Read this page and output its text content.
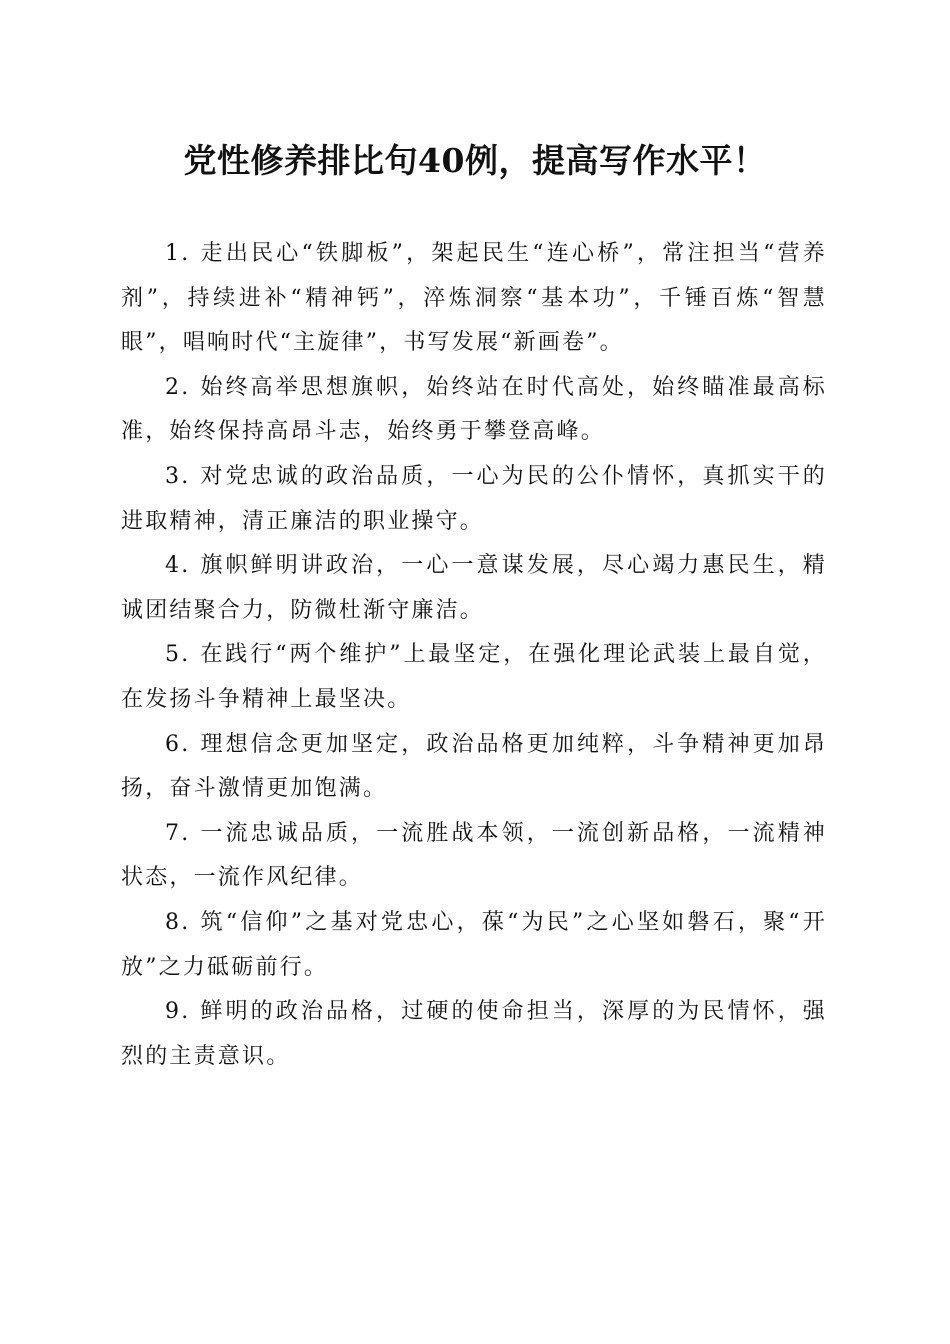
党性修养排比句40例，提高写作水平！

1. 走出民心“铁脚板”，架起民生“连心桥”，常注担当“营养剂”，持续进补“精神钙”，淬炼洞察“基本功”，千锤百炼“智慧眼”，唱响时代“主旋律”，书写发展“新画卷”。

2. 始终高举思想旗帜，始终站在时代高处，始终瞄准最高标准，始终保持高昂斗志，始终勇于攀登高峰。

3. 对党忠诚的政治品质，一心为民的公仆情怀，真抓实干的进取精神，清正廉洁的职业操守。

4. 旗帜鲜明讲政治，一心一意谋发展，尽心竭力惠民生，精诚团结聚合力，防微杜渐守廉洁。

5. 在践行“两个维护”上最坚定，在强化理论武装上最自觉，在发扬斗争精神上最坚决。

6. 理想信念更加坚定，政治品格更加纯粹，斗争精神更加昂扬，奋斗激情更加饱满。

7. 一流忠诚品质，一流胜战本领，一流创新品格，一流精神状态，一流作风纪律。

8. 筑“信仰”之基对党忠心，葆“为民”之心坚如磐石，聚“开放”之力砥砺前行。

9. 鲜明的政治品格，过硬的使命担当，深厚的为民情怀，强烈的主责意识。
